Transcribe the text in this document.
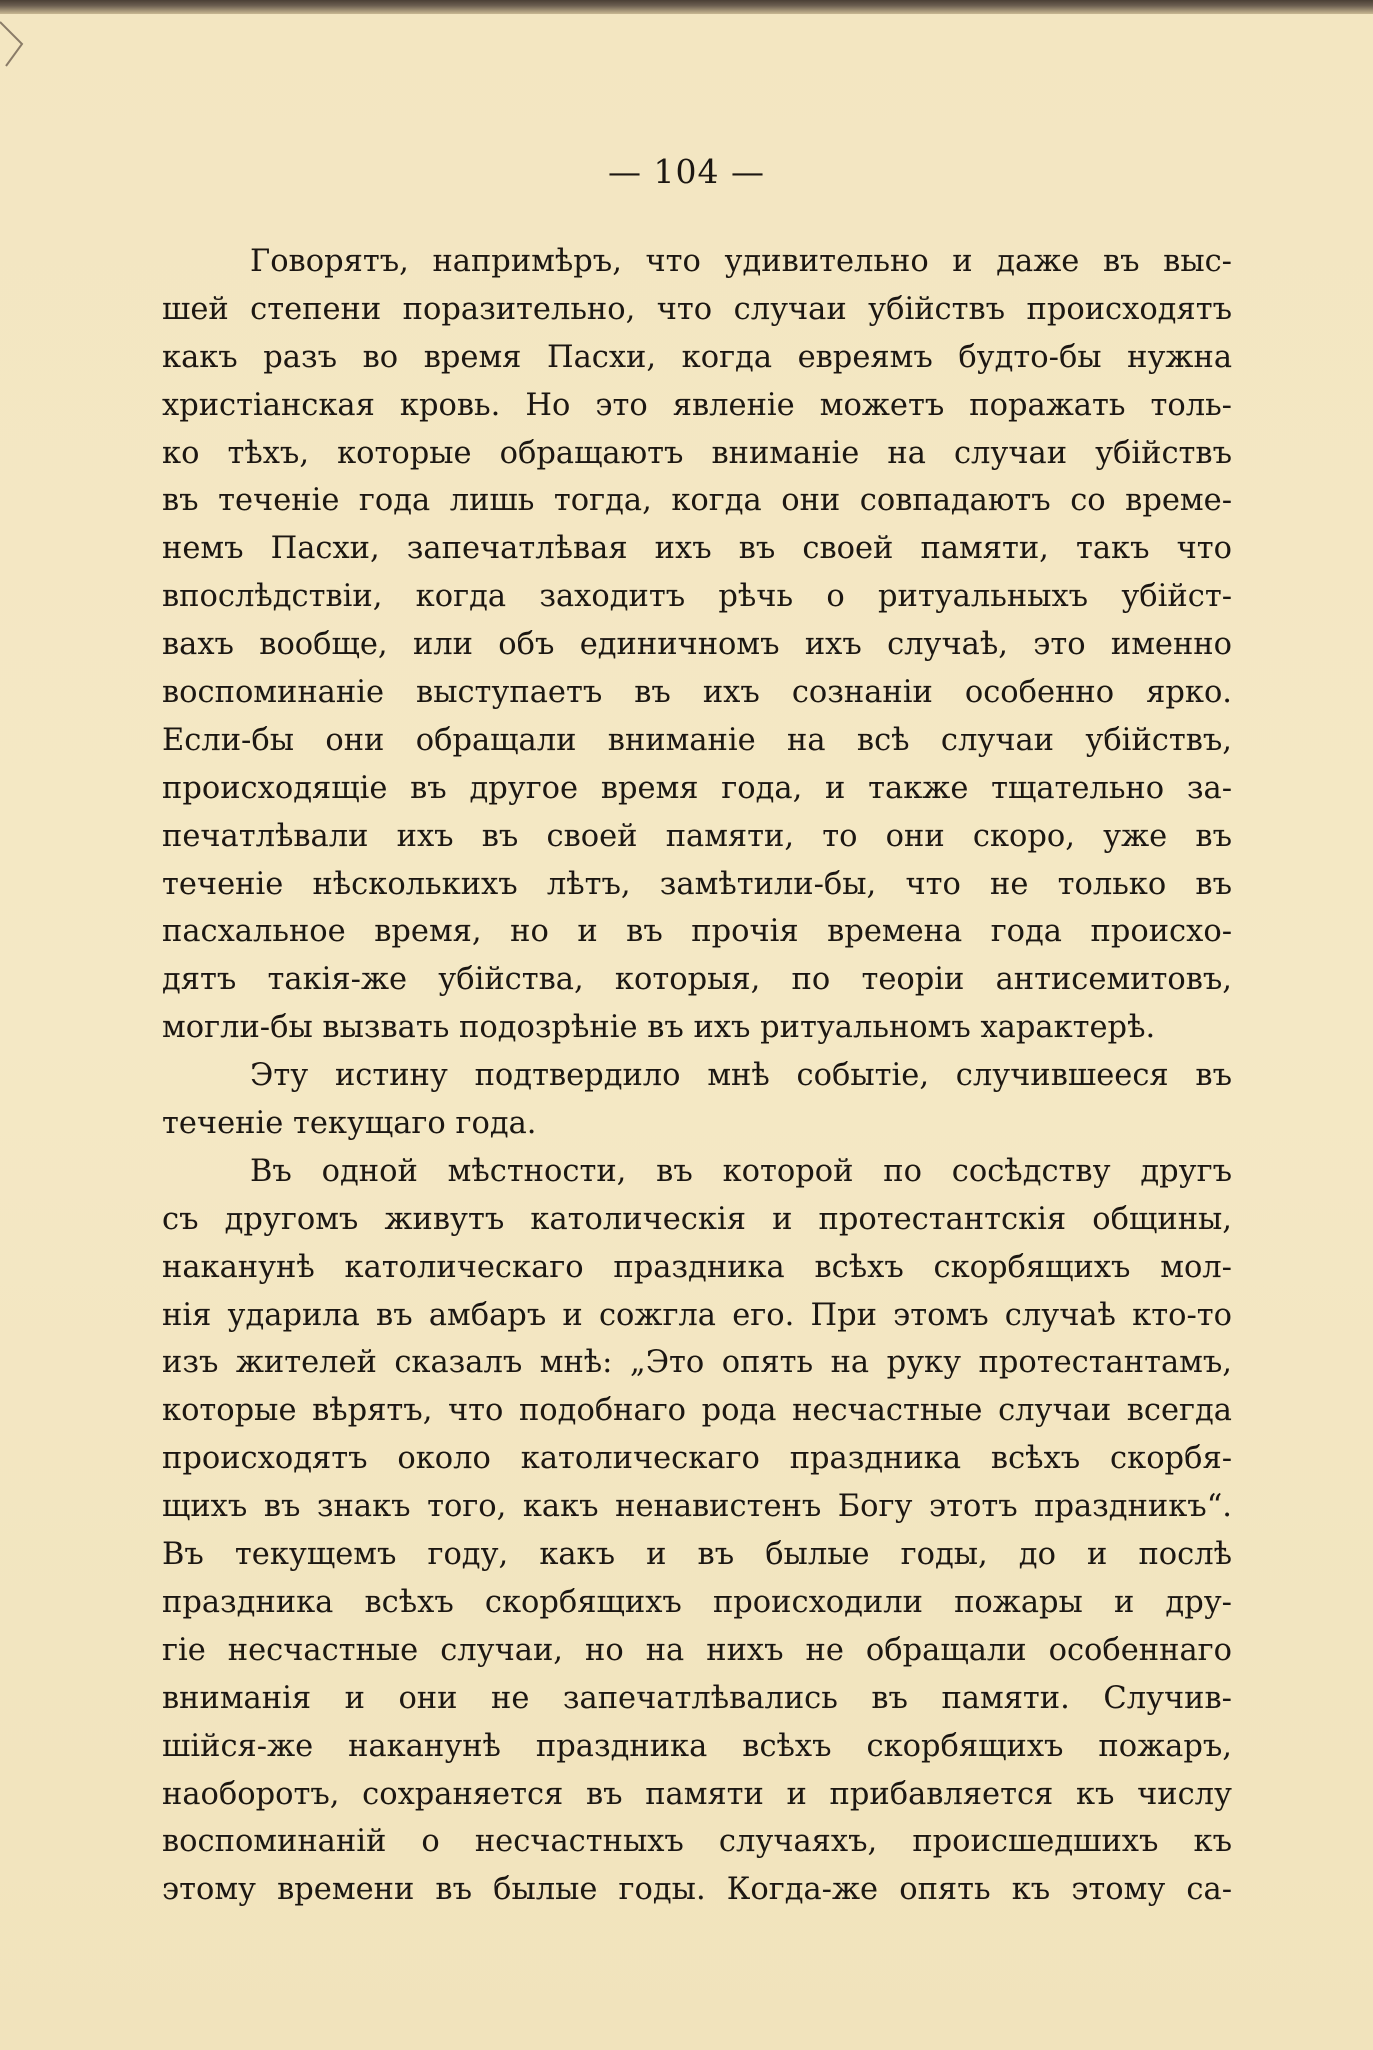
— 104 —
Говорятъ, напримѣръ, что удивительно и даже въ выс-
шей степени поразительно, что случаи убійствъ происходятъ
какъ разъ во время Пасхи, когда евреямъ будто-бы нужна
христіанская кровь. Но это явленіе можетъ поражать толь-
ко тѣхъ, которые обращаютъ вниманіе на случаи убійствъ
въ теченіе года лишь тогда, когда они совпадаютъ со време-
немъ Пасхи, запечатлѣвая ихъ въ своей памяти, такъ что
впослѣдствіи, когда заходитъ рѣчь о ритуальныхъ убійст-
вахъ вообще, или объ единичномъ ихъ случаѣ, это именно
воспоминаніе выступаетъ въ ихъ сознаніи особенно ярко.
Если-бы они обращали вниманіе на всѣ случаи убійствъ,
происходящіе въ другое время года, и также тщательно за-
печатлѣвали ихъ въ своей памяти, то они скоро, уже въ
теченіе нѣсколькихъ лѣтъ, замѣтили-бы, что не только въ
пасхальное время, но и въ прочія времена года происхо-
дятъ такія-же убійства, которыя, по теоріи антисемитовъ,
могли-бы вызвать подозрѣніе въ ихъ ритуальномъ характерѣ.
Эту истину подтвердило мнѣ событіе, случившееся въ
теченіе текущаго года.
Въ одной мѣстности, въ которой по сосѣдству другъ
съ другомъ живутъ католическія и протестантскія общины,
наканунѣ католическаго праздника всѣхъ скорбящихъ мол-
нія ударила въ амбаръ и сожгла его. При этомъ случаѣ кто-то
изъ жителей сказалъ мнѣ: „Это опять на руку протестантамъ,
которые вѣрятъ, что подобнаго рода несчастные случаи всегда
происходятъ около католическаго праздника всѣхъ скорбя-
щихъ въ знакъ того, какъ ненавистенъ Богу этотъ праздникъ“.
Въ текущемъ году, какъ и въ былые годы, до и послѣ
праздника всѣхъ скорбящихъ происходили пожары и дру-
гіе несчастные случаи, но на нихъ не обращали особеннаго
вниманія и они не запечатлѣвались въ памяти. Случив-
шійся-же наканунѣ праздника всѣхъ скорбящихъ пожаръ,
наоборотъ, сохраняется въ памяти и прибавляется къ числу
воспоминаній о несчастныхъ случаяхъ, происшедшихъ къ
этому времени въ былые годы. Когда-же опять къ этому са-
